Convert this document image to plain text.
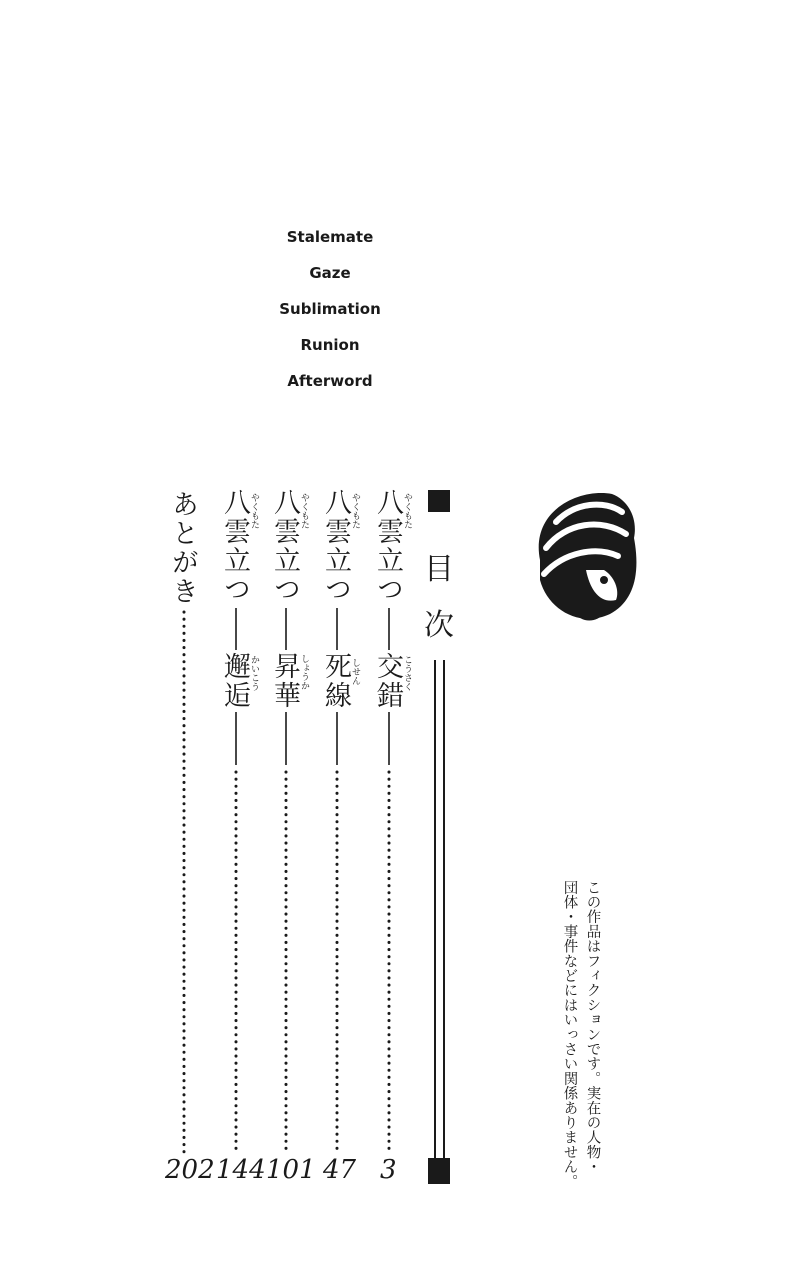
Stalemate
Gaze
Sublimation
Runion
Afterword
目
次
八雲立つ やくもた
交錯 こうさく
八雲立つ やくもた
死線 しせん
八雲立つ やくもた
昇華 しょうか
八雲立つ やくもた
邂逅 かいこう
あとがき
3
47
101
144
202	この作品はフィクションです。実在の人物・
団体・事件などにはいっさい関係ありません。
